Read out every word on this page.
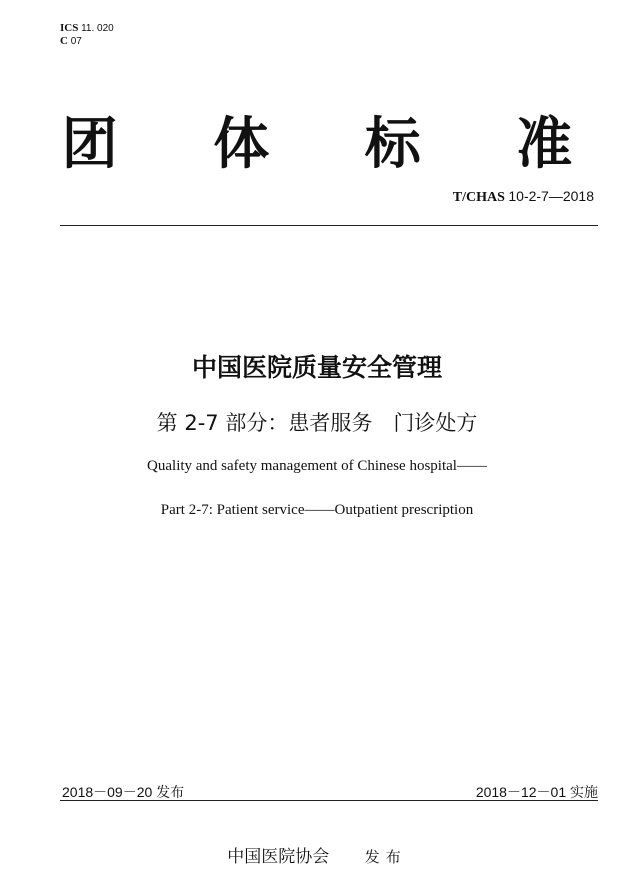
ICS 11. 020
C 07
团 体 标 准
T/CHAS 10-2-7—2018
中国医院质量安全管理
第 2-7 部分：患者服务　门诊处方
Quality and safety management of Chinese hospital——
Part 2-7: Patient service——Outpatient prescription
2018－09－20 发布	2018－12－01 实施
中国医院协会 发布
